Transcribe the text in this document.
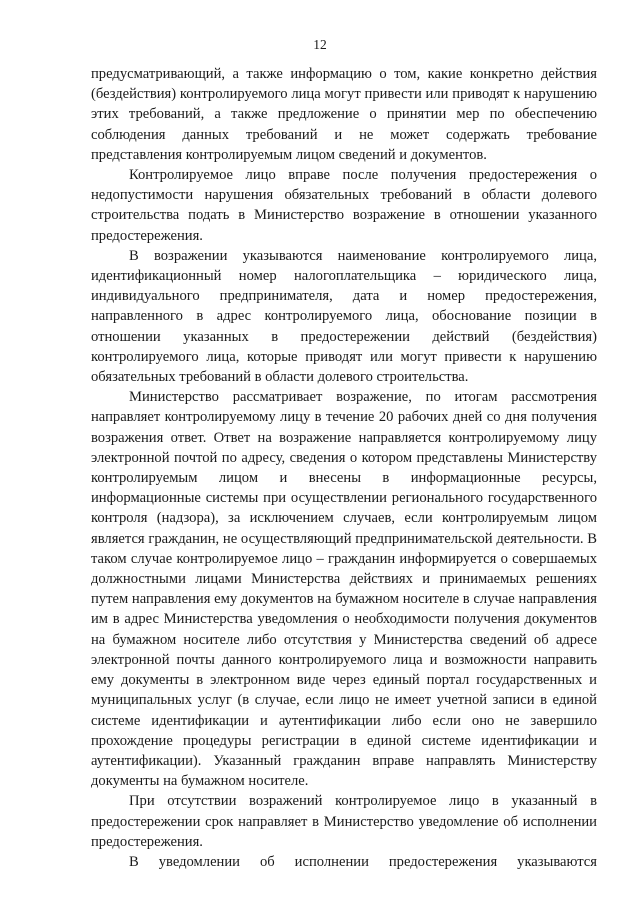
12

предусматривающий, а также информацию о том, какие конкретно действия (бездействия) контролируемого лица могут привести или приводят к нарушению этих требований, а также предложение о принятии мер по обеспечению соблюдения данных требований и не может содержать требование представления контролируемым лицом сведений и документов.

Контролируемое лицо вправе после получения предостережения о недопустимости нарушения обязательных требований в области долевого строительства подать в Министерство возражение в отношении указанного предостережения.

В возражении указываются наименование контролируемого лица, идентификационный номер налогоплательщика – юридического лица, индивидуального предпринимателя, дата и номер предостережения, направленного в адрес контролируемого лица, обоснование позиции в отношении указанных в предостережении действий (бездействия) контролируемого лица, которые приводят или могут привести к нарушению обязательных требований в области долевого строительства.

Министерство рассматривает возражение, по итогам рассмотрения направляет контролируемому лицу в течение 20 рабочих дней со дня получения возражения ответ. Ответ на возражение направляется контролируемому лицу электронной почтой по адресу, сведения о котором представлены Министерству контролируемым лицом и внесены в информационные ресурсы, информационные системы при осуществлении регионального государственного контроля (надзора), за исключением случаев, если контролируемым лицом является гражданин, не осуществляющий предпринимательской деятельности. В таком случае контролируемое лицо – гражданин информируется о совершаемых должностными лицами Министерства действиях и принимаемых решениях путем направления ему документов на бумажном носителе в случае направления им в адрес Министерства уведомления о необходимости получения документов на бумажном носителе либо отсутствия у Министерства сведений об адресе электронной почты данного контролируемого лица и возможности направить ему документы в электронном виде через единый портал государственных и муниципальных услуг (в случае, если лицо не имеет учетной записи в единой системе идентификации и аутентификации либо если оно не завершило прохождение процедуры регистрации в единой системе идентификации и аутентификации). Указанный гражданин вправе направлять Министерству документы на бумажном носителе.

При отсутствии возражений контролируемое лицо в указанный в предостережении срок направляет в Министерство уведомление об исполнении предостережения.

В уведомлении об исполнении предостережения указываются
